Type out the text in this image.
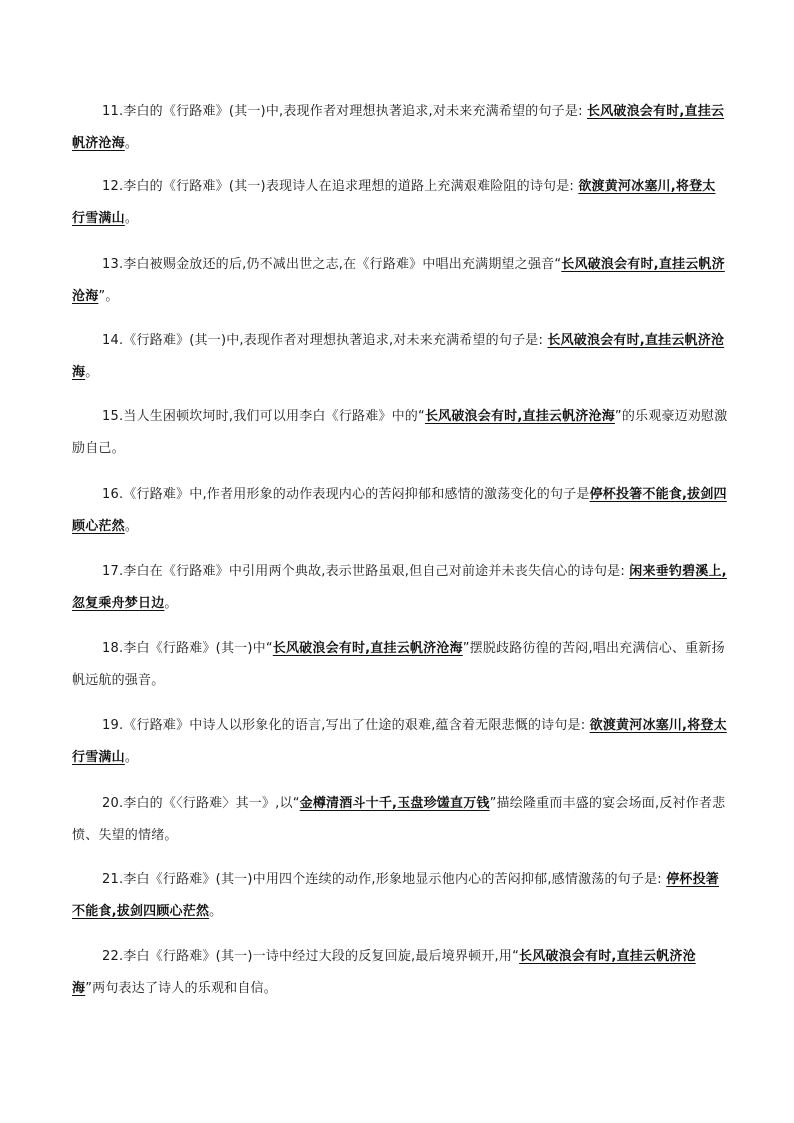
11.李白的《行路难》(其一)中,表现作者对理想执著追求,对未来充满希望的句子是: 长风破浪会有时,直挂云帆济沧海。

12.李白的《行路难》(其一)表现诗人在追求理想的道路上充满艰难险阻的诗句是: 欲渡黄河冰塞川,将登太行雪满山。

13.李白被赐金放还的后,仍不减出世之志,在《行路难》中唱出充满期望之强音“长风破浪会有时,直挂云帆济沧海”。

14.《行路难》(其一)中,表现作者对理想执著追求,对未来充满希望的句子是: 长风破浪会有时,直挂云帆济沧海。

15.当人生困顿坎坷时,我们可以用李白《行路难》中的“长风破浪会有时,直挂云帆济沧海”的乐观豪迈劝慰激励自己。

16.《行路难》中,作者用形象的动作表现内心的苦闷抑郁和感情的激荡变化的句子是停杯投箸不能食,拔剑四顾心茫然。

17.李白在《行路难》中引用两个典故,表示世路虽艰,但自己对前途并未丧失信心的诗句是: 闲来垂钓碧溪上,忽复乘舟梦日边。

18.李白《行路难》(其一)中“长风破浪会有时,直挂云帆济沧海”摆脱歧路彷徨的苦闷,唱出充满信心、重新扬帆远航的强音。

19.《行路难》中诗人以形象化的语言,写出了仕途的艰难,蕴含着无限悲慨的诗句是: 欲渡黄河冰塞川,将登太行雪满山。

20.李白的《〈行路难〉其一》,以“金樽清酒斗十千,玉盘珍馐直万钱”描绘隆重而丰盛的宴会场面,反衬作者悲愤、失望的情绪。

21.李白《行路难》(其一)中用四个连续的动作,形象地显示他内心的苦闷抑郁,感情激荡的句子是: 停杯投箸不能食,拔剑四顾心茫然。

22.李白《行路难》(其一)一诗中经过大段的反复回旋,最后境界顿开,用“长风破浪会有时,直挂云帆济沧海”两句表达了诗人的乐观和自信。
